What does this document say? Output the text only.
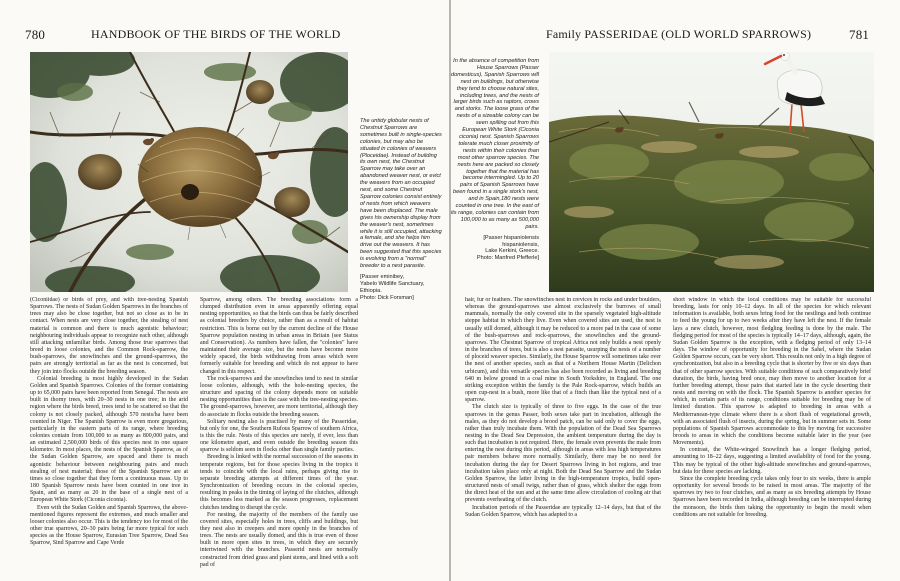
780	HANDBOOK OF THE BIRDS OF THE WORLD
The untidy globular nests of Chestnut Sparrows are sometimes built in single-species colonies, but may also be situated in colonies of weavers (Ploceidae). Instead of building its own nest, the Chestnut Sparrow may take over an abandoned weaver nest, or evict the weavers from an occupied nest, and some Chestnut Sparrow colonies consist entirely of nests from which weavers have been displaced. The male gives his ownership display from the weaver's nest, sometimes while it is still occupied, attacking a female, and she helps him drive out the weavers. It has been suggested that this species is evolving from a "normal" breeder to a nest parasite.
[Passer eminibey,
Yabelo Wildlife Sanctuary, Ethiopia.
Photo: Dick Forsman]

(Ciconiidae) or birds of prey, and with tree-nesting Spanish Sparrows. The nests of Sudan Golden Sparrows in the branches of trees may also be close together, but not so close as to be in contact. When nests are very close together, the stealing of nest material is common and there is much agonistic behaviour; neighbouring individuals appear to recognize each other, although still attacking unfamiliar birds. Among those true sparrows that breed in loose colonies, and the Common Rock-sparrow, the bush-sparrows, the snowfinches and the ground-sparrows, the pairs are strongly territorial as far as the nest is concerned, but they join into flocks outside the breeding season.

Colonial breeding is most highly developed in the Sudan Golden and Spanish Sparrows. Colonies of the former containing up to 65,000 pairs have been reported from Senegal. The nests are built in thorny trees, with 20–30 nests in one tree; in the arid region where the birds breed, trees tend to be scattered so that the colony is not closely packed, although 570 nests/ha have been counted in Niger. The Spanish Sparrow is even more gregarious, particularly in the eastern parts of its range, where breeding colonies contain from 100,000 to as many as 800,000 pairs, and an estimated 2,500,000 birds of this species nest in one square kilometre. In most places, the nests of the Spanish Sparrow, as of the Sudan Golden Sparrow, are spaced and there is much agonistic behaviour between neighbouring pairs and much stealing of nest material; those of the Spanish Sparrow are at times so close together that they form a continuous mass. Up to 180 Spanish Sparrow nests have been counted in one tree in Spain, and as many as 20 in the base of a single nest of a European White Stork (Ciconia ciconia).

Even with the Sudan Golden and Spanish Sparrows, the above-mentioned figures represent the extremes, and much smaller and looser colonies also occur. This is the tendency too for most of the other true sparrows, 20–30 pairs being far more typical for such species as the House Sparrow, Eurasian Tree Sparrow, Dead Sea Sparrow, Sind Sparrow and Cape Verde

Sparrow, among others. The breeding associations form a clumped distribution even in areas apparently offering equal nesting opportunities, so that the birds can thus be fairly described as colonial breeders by choice, rather than as a result of habitat restriction. This is borne out by the current decline of the House Sparrow population nesting in urban areas in Britain (see Status and Conservation). As numbers have fallen, the "colonies" have maintained their average size, but the nests have become more widely spaced, the birds withdrawing from areas which were formerly suitable for breeding and which do not appear to have changed in this respect.

The rock-sparrows and the snowfinches tend to nest in similar loose colonies, although, with the hole-nesting species, the structure and spacing of the colony depends more on suitable nesting opportunities than is the case with the tree-nesting species. The ground-sparrows, however, are more territorial, although they do associate in flocks outside the breeding season.

Solitary nesting also is practised by many of the Passeridae, but only for one, the Southern Rufous Sparrow of southern Africa, is this the rule. Nests of this species are rarely, if ever, less than one kilometre apart, and even outside the breeding season this sparrow is seldom seen in flocks other than single family parties.

Breeding is linked with the normal succession of the seasons in temperate regions, but for those species living in the tropics it tends to coincide with the local rains, perhaps giving rise to separate breeding attempts at different times of the year. Synchronization of breeding occurs in the colonial species, resulting in peaks in the timing of laying of the clutches, although this becomes less marked as the season progresses, replacement clutches tending to disrupt the cycle.

For nesting, the majority of the members of the family use covered sites, especially holes in trees, cliffs and buildings, but they nest also in creepers and more openly in the branches of trees. The nests are usually domed, and this is true even of those built in more open sites in trees, in which they are securely intertwined with the branches. Passerid nests are normally constructed from dried grass and plant stems, and lined with a soft pad of

Family PASSERIDAE (OLD WORLD SPARROWS)	781
In the absence of competition from House Sparrows (Passer domesticus), Spanish Sparrows will nest on buildings, but otherwise they tend to choose natural sites, including trees, and the nests of larger birds such as raptors, crows and storks. The loose grass of the nests of a sizeable colony can be seen spilling out from this European White Stork (Ciconia ciconia) nest. Spanish Sparrows tolerate much closer proximity of nests within their colonies than most other sparrow species. The nests here are packed so closely together that the material has become intermingled. Up to 20 pairs of Spanish Sparrows have been found in a single stork's nest, and in Spain,180 nests were counted in one tree. In the east of its range, colonies can contain from 100,000 to as many as 500,000 pairs.
[Passer hispaniolensis hispaniolensis,
Lake Kerkini, Greece.
Photo: Manfred Pfefferle]

hair, fur or feathers. The snowfinches nest in crevices in rocks and under boulders, whereas the ground-sparrows use almost exclusively the burrows of small mammals, normally the only covered site in the sparsely vegetated high-altitude steppe habitat in which they live. Even when covered sites are used, the nest is usually still domed, although it may be reduced to a more pad in the case of some of the bush-sparrows and rock-sparrows, the snowfinches and the ground-sparrows. The Chestnut Sparrow of tropical Africa not only builds a nest openly in the branches of trees, but is also a nest parasite, usurping the nests of a number of ploceid weaver species. Similarly, the House Sparrow will sometimes take over the nest of another species, such as that of a Northern House Martin (Delichon urbicum), and this versatile species has also been recorded as living and breeding 640 m below ground in a coal mine in South Yorkshire, in England. The one striking exception within the family is the Pale Rock-sparrow, which builds an open cup-nest in a bush, more like that of a finch than like the typical nest of a sparrow.

The clutch size is typically of three to five eggs. In the case of the true sparrows in the genus Passer, both sexes take part in incubation, although the males, as they do not develop a brood patch, can be said only to cover the eggs, rather than truly incubate them. With the population of the Dead Sea Sparrows nesting in the Dead Sea Depression, the ambient temperature during the day is such that incubation is not required. Here, the female even prevents the male from entering the nest during this period, although in areas with less high temperatures pair members behave more normally. Similarly, there may be no need for incubation during the day for Desert Sparrows living in hot regions, and true incubation takes place only at night. Both the Dead Sea Sparrow and the Sudan Golden Sparrow, the latter living in the high-temperature tropics, build open-structured nests of small twigs, rather than of grass, which shelter the eggs from the direct heat of the sun and at the same time allow circulation of cooling air that prevents overheating of the clutch.

Incubation periods of the Passeridae are typically 12–14 days, but that of the Sudan Golden Sparrow, which has adapted to a

short window in which the local conditions may be suitable for successful breeding, lasts for only 10–12 days. In all of the species for which relevant information is available, both sexes bring food for the nestlings and both continue to feed the young for up to two weeks after they have left the nest. If the female lays a new clutch, however, most fledgling feeding is done by the male. The fledging period for most of the species is typically 14–17 days, although, again, the Sudan Golden Sparrow is the exception, with a fledging period of only 13–14 days. The window of opportunity for breeding in the Sahel, where the Sudan Golden Sparrow occurs, can be very short. This results not only in a high degree of synchronization, but also in a breeding cycle that is shorter by five or six days than that of other sparrow species. With suitable conditions of such comparatively brief duration, the birds, having bred once, may then move to another location for a further breeding attempt, those pairs that started late in the cycle deserting their nests and moving on with the flock. The Spanish Sparrow is another species for which, in certain parts of its range, conditions suitable for breeding may be of limited duration. This sparrow is adapted to breeding in areas with a Mediterranean-type climate where there is a short flush of vegetational growth, with an associated flush of insects, during the spring, but in summer sets in. Some populations of Spanish Sparrows accommodate to this by moving for successive broods to areas in which the conditions become suitable later in the year (see Movements).

In contrast, the White-winged Snowfinch has a longer fledging period, amounting to 18–22 days, suggesting a limited availability of food for the young. This may be typical of the other high-altitude snowfinches and ground-sparrows, but data for these species are lacking.

Since the complete breeding cycle takes only four to six weeks, there is ample opportunity for several broods to be raised in most areas. The majority of the sparrows try two to four clutches, and as many as six breeding attempts by House Sparrows have been recorded in India, although breeding can be interrupted during the monsoon, the birds then taking the opportunity to begin the moult when conditions are not suitable for breeding.
